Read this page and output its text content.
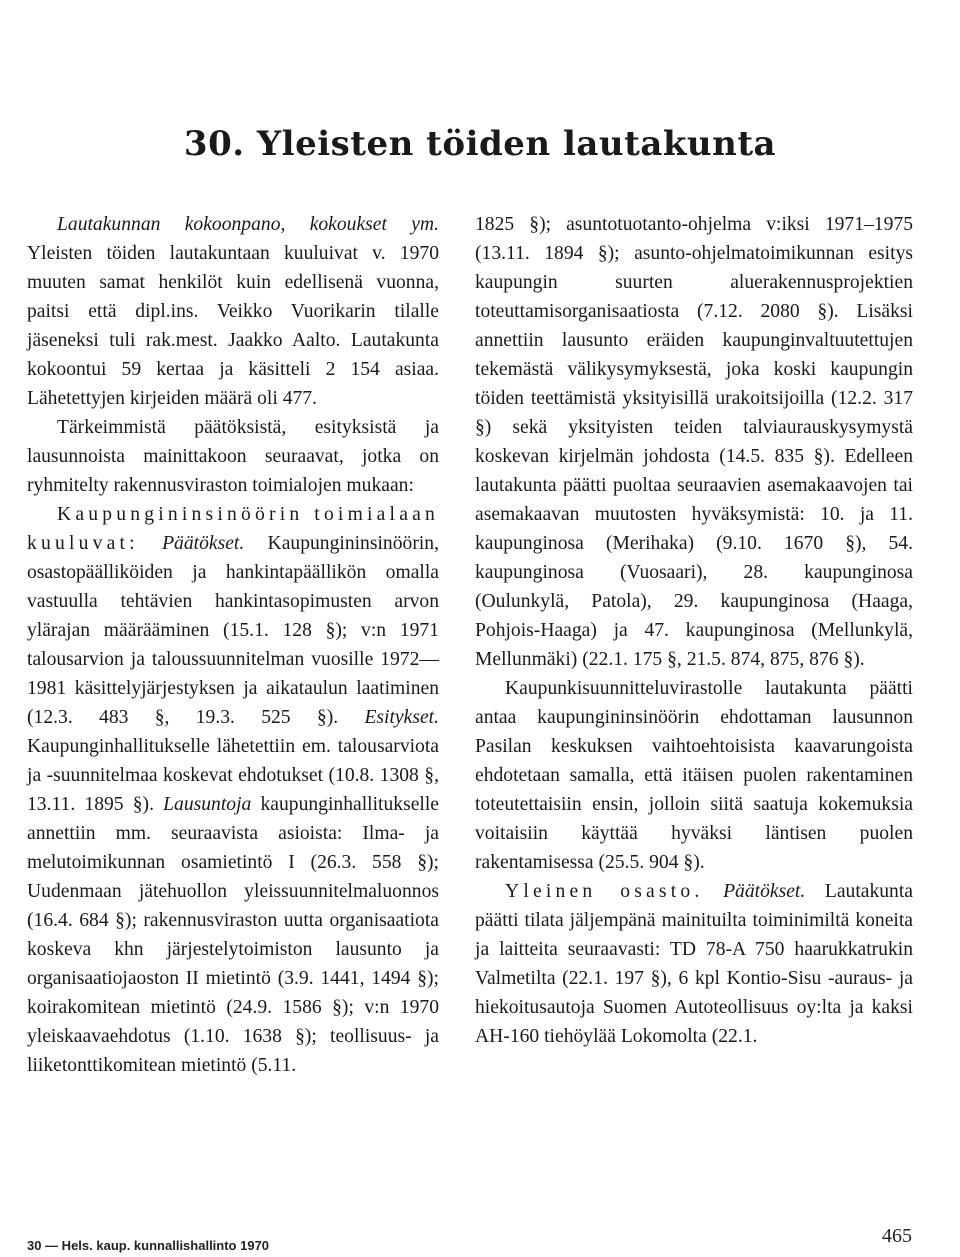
30. Yleisten töiden lautakunta

Lautakunnan kokoonpano, kokoukset ym. Yleisten töiden lautakuntaan kuuluivat v. 1970 muuten samat henkilöt kuin edellisenä vuonna, paitsi että dipl.ins. Veikko Vuorikarin tilalle jäseneksi tuli rak.mest. Jaakko Aalto. Lautakunta kokoontui 59 kertaa ja käsitteli 2 154 asiaa. Lähetettyjen kirjeiden määrä oli 477.

Tärkeimmistä päätöksistä, esityksistä ja lausunnoista mainittakoon seuraavat, jotka on ryhmitelty rakennusviraston toimialojen mukaan:

Kaupungininsinöörin toimialaan kuuluvat: Päätökset. Kaupungininsinöörin, osastopäälliköiden ja hankintapäällikön omalla vastuulla tehtävien hankintasopimusten arvon ylärajan määrääminen (15.1. 128 §); v:n 1971 talousarvion ja taloussuunnitelman vuosille 1972—1981 käsittelyjärjestyksen ja aikataulun laatiminen (12.3. 483 §, 19.3. 525 §). Esitykset. Kaupunginhallitukselle lähetettiin em. talousarviota ja -suunnitelmaa koskevat ehdotukset (10.8. 1308 §, 13.11. 1895 §). Lausuntoja kaupunginhallitukselle annettiin mm. seuraavista asioista: Ilma- ja melutoimikunnan osamietintö I (26.3. 558 §); Uudenmaan jätehuollon yleissuunnitelmaluonnos (16.4. 684 §); rakennusviraston uutta organisaatiota koskeva khn järjestelytoimiston lausunto ja organisaatiojaoston II mietintö (3.9. 1441, 1494 §); koirakomitean mietintö (24.9. 1586 §); v:n 1970 yleiskaavaehdotus (1.10. 1638 §); teollisuus- ja liiketonttikomitean mietintö (5.11.

1825 §); asuntotuotanto-ohjelma v:iksi 1971–1975 (13.11. 1894 §); asunto-ohjelmatoimikunnan esitys kaupungin suurten aluerakennusprojektien toteuttamisorganisaatiosta (7.12. 2080 §). Lisäksi annettiin lausunto eräiden kaupunginvaltuutettujen tekemästä välikysymyksestä, joka koski kaupungin töiden teettämistä yksityisillä urakoitsijoilla (12.2. 317 §) sekä yksityisten teiden talviaurauskysymystä koskevan kirjelmän johdosta (14.5. 835 §). Edelleen lautakunta päätti puoltaa seuraavien asemakaavojen tai asemakaavan muutosten hyväksymistä: 10. ja 11. kaupunginosa (Merihaka) (9.10. 1670 §), 54. kaupunginosa (Vuosaari), 28. kaupunginosa (Oulunkylä, Patola), 29. kaupunginosa (Haaga, Pohjois-Haaga) ja 47. kaupunginosa (Mellunkylä, Mellunmäki) (22.1. 175 §, 21.5. 874, 875, 876 §).

Kaupunkisuunnitteluvirastolle lautakunta päätti antaa kaupungininsinöörin ehdottaman lausunnon Pasilan keskuksen vaihtoehtoisista kaavarungoista ehdotetaan samalla, että itäisen puolen rakentaminen toteutettaisiin ensin, jolloin siitä saatuja kokemuksia voitaisiin käyttää hyväksi läntisen puolen rakentamisessa (25.5. 904 §).

Yleinen osasto. Päätökset. Lautakunta päätti tilata jäljempänä mainituilta toiminimiltä koneita ja laitteita seuraavasti: TD 78-A 750 haarukkatrukin Valmetilta (22.1. 197 §), 6 kpl Kontio-Sisu -auraus- ja hiekoitusautoja Suomen Autoteollisuus oy:lta ja kaksi AH-160 tiehöylää Lokomolta (22.1.

30 — Hels. kaup. kunnallishallinto 1970	465
